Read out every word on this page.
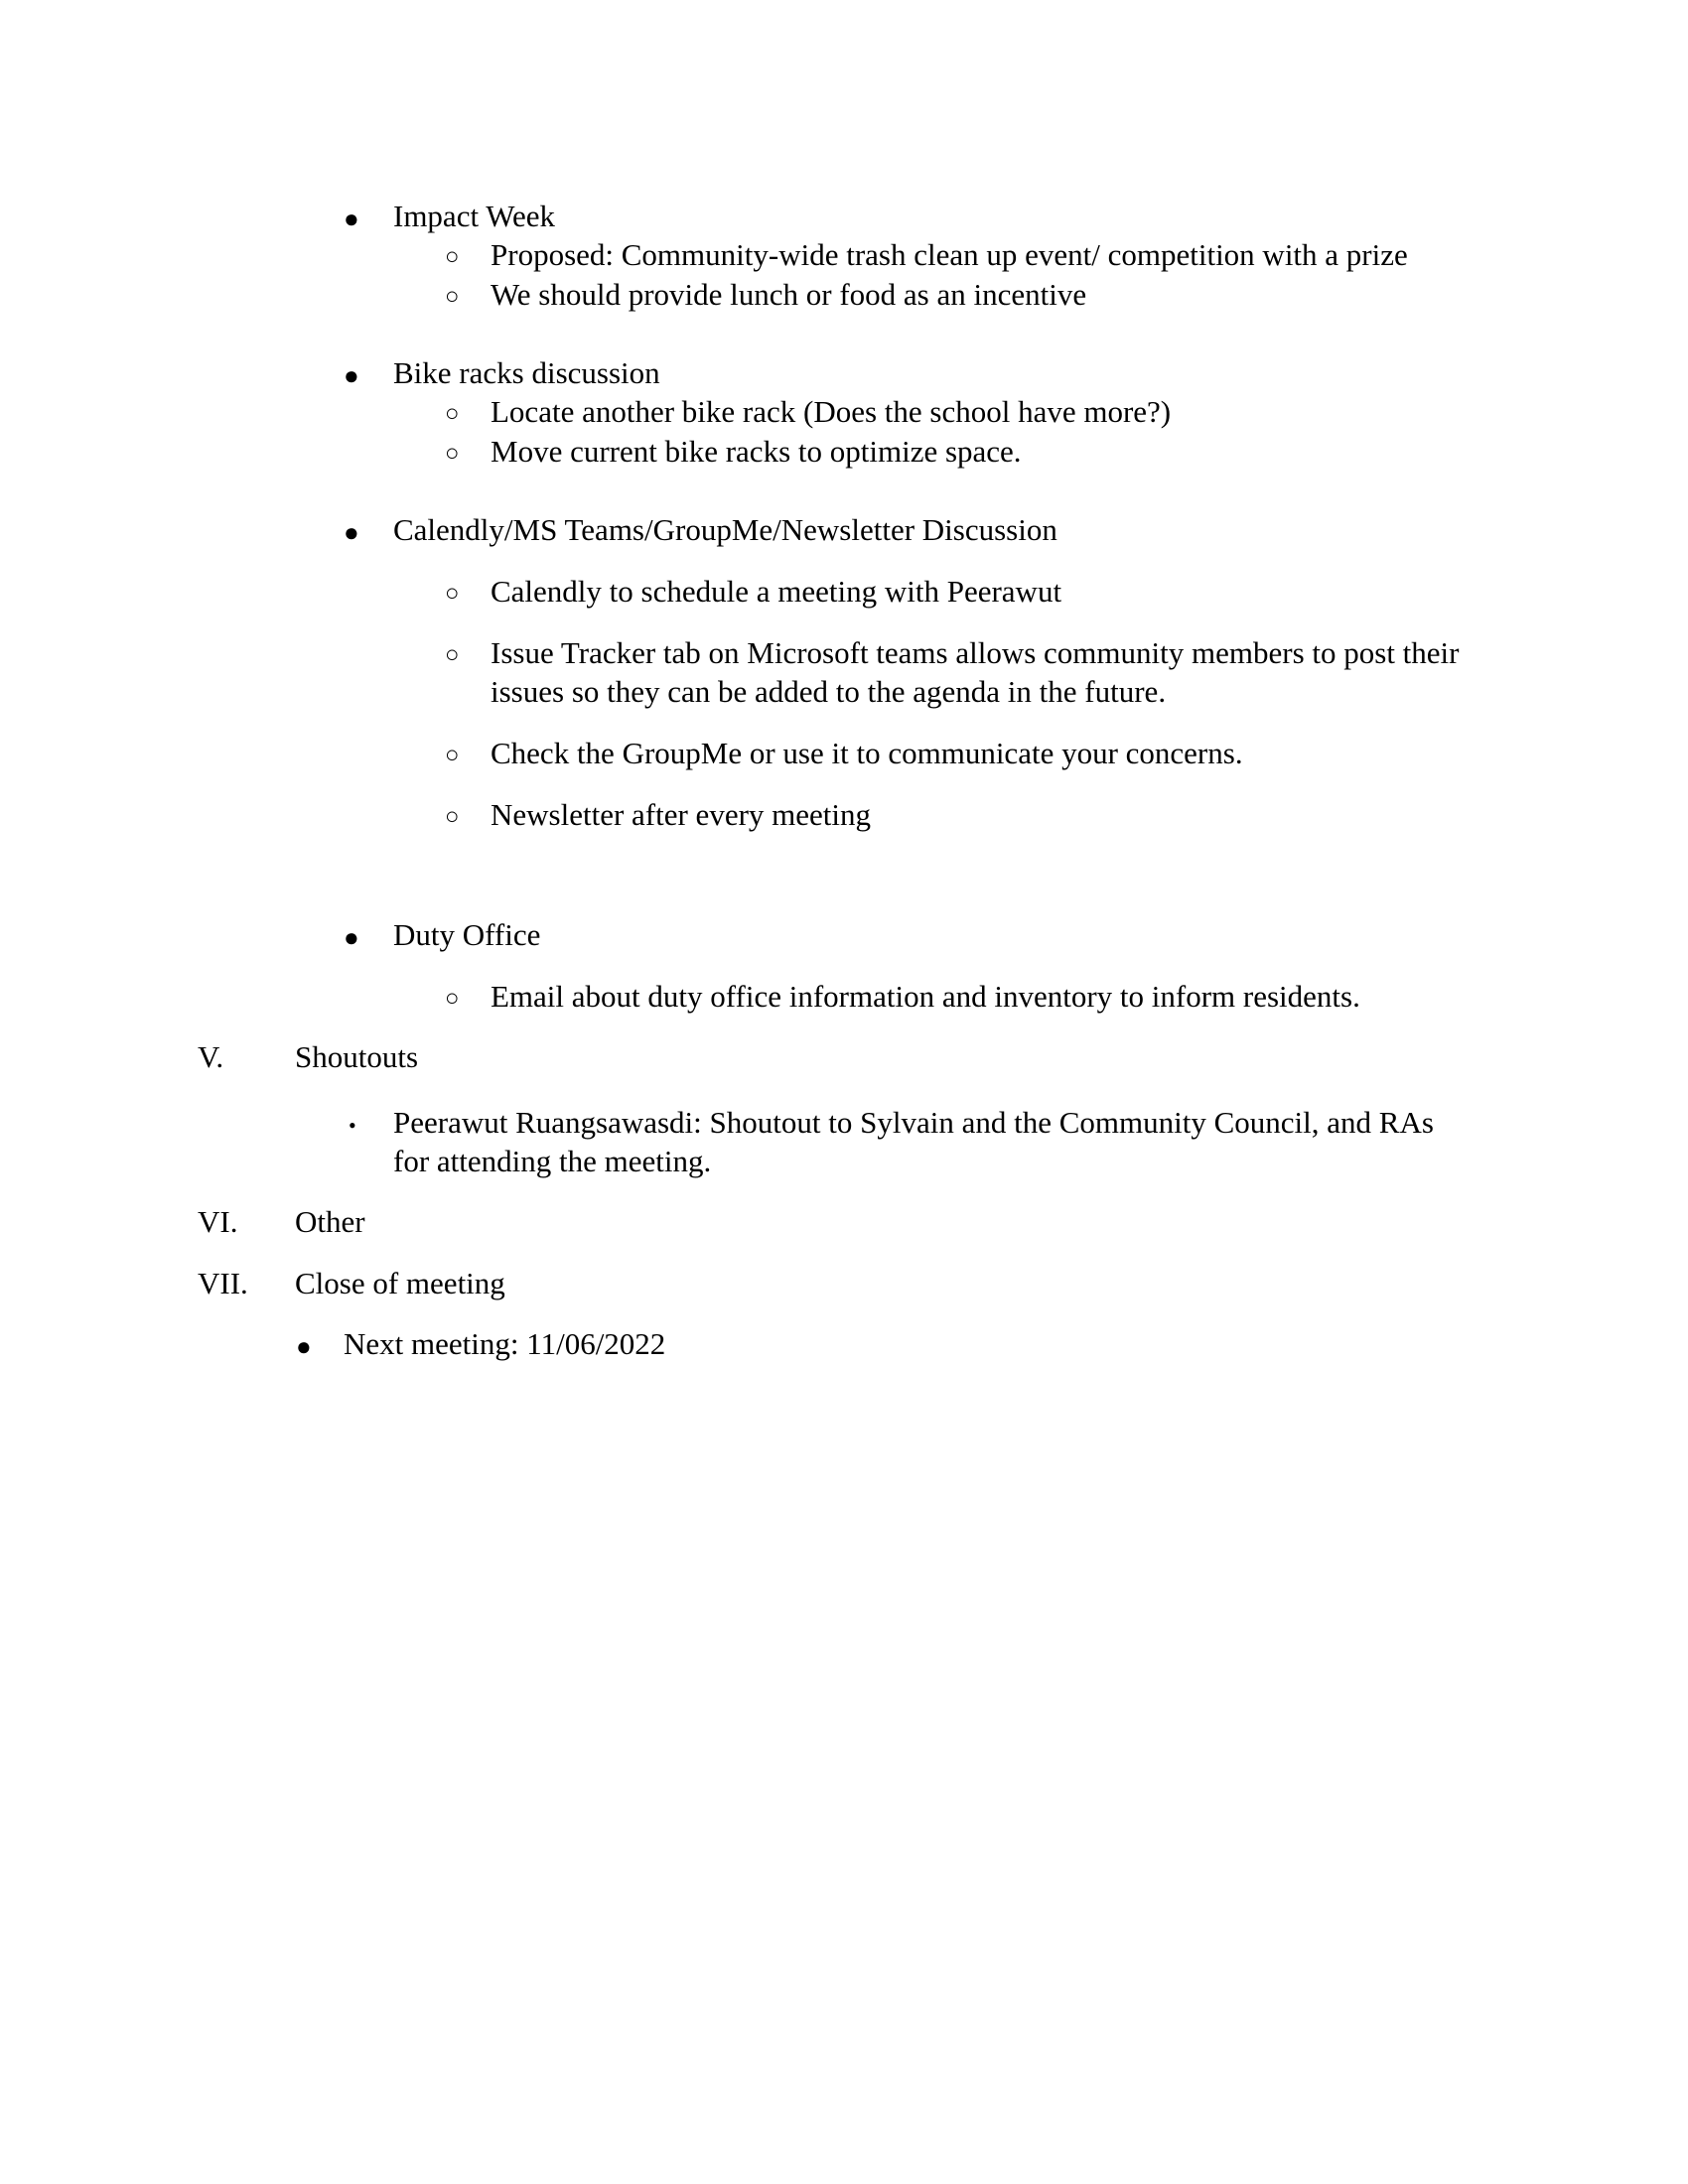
● Impact Week
○ Proposed: Community-wide trash clean up event/ competition with a prize
○ We should provide lunch or food as an incentive
● Bike racks discussion
○ Locate another bike rack (Does the school have more?)
○ Move current bike racks to optimize space.
● Calendly/MS Teams/GroupMe/Newsletter Discussion
○ Calendly to schedule a meeting with Peerawut
○ Issue Tracker tab on Microsoft teams allows community members to post their issues so they can be added to the agenda in the future.
○ Check the GroupMe or use it to communicate your concerns.
○ Newsletter after every meeting
● Duty Office
○ Email about duty office information and inventory to inform residents.
V. Shoutouts
• Peerawut Ruangsawasdi: Shoutout to Sylvain and the Community Council, and RAs for attending the meeting.
VI. Other
VII. Close of meeting
● Next meeting: 11/06/2022
